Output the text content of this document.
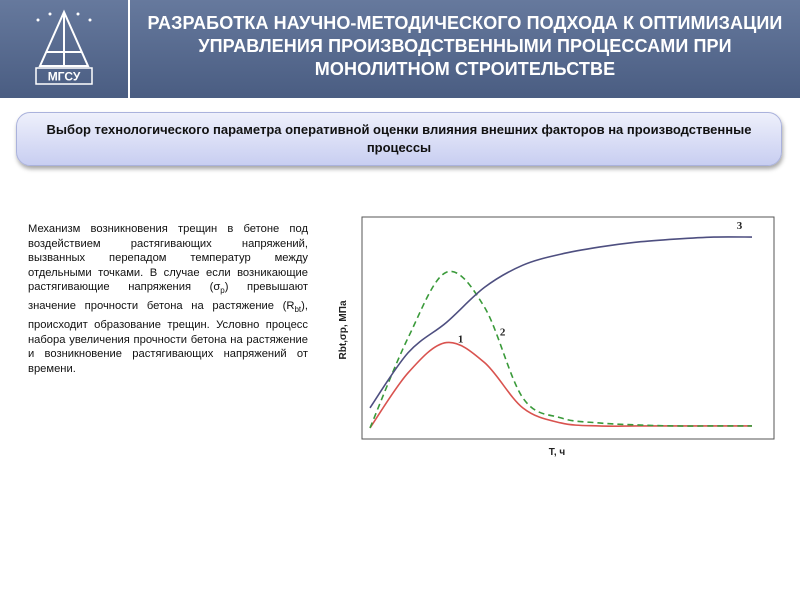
МГСУ
РАЗРАБОТКА НАУЧНО-МЕТОДИЧЕСКОГО ПОДХОДА К ОПТИМИЗАЦИИ УПРАВЛЕНИЯ ПРОИЗВОДСТВЕННЫМИ ПРОЦЕССАМИ ПРИ МОНОЛИТНОМ СТРОИТЕЛЬСТВЕ
Выбор технологического параметра оперативной оценки влияния внешних факторов на производственные процессы
Механизм возникновения трещин в бетоне под воздействием растягивающих напряжений, вызванных перепадом температур между отдельными точками. В случае если возникающие растягивающие напряжения $(\sigma_p)$ превышают значение прочности бетона на растяжение $(R_{bt})$, происходит образование трещин. Условно процесс набора увеличения прочности бетона на растяжение и возникновение растягивающих напряжений от времени.
Т, ч
Rbt,σp, МПа	1
2
3
